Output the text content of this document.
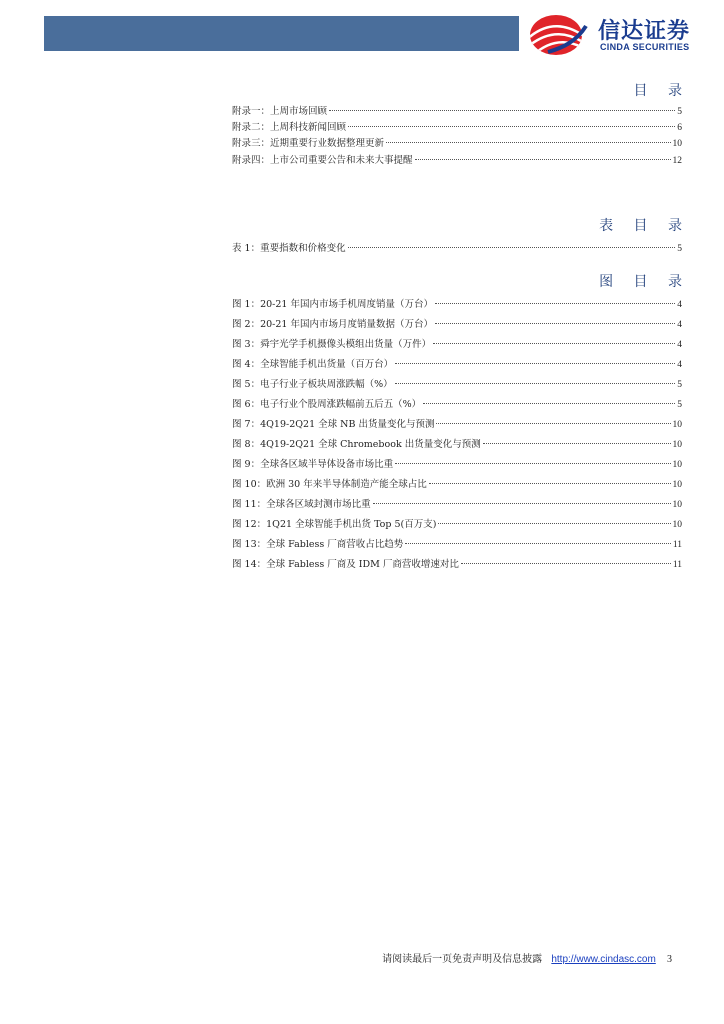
信达证券
CINDA SECURITIES
目 录
附录一：上周市场回顾	5
附录二：上周科技新闻回顾	6
附录三：近期重要行业数据整理更新	10
附录四：上市公司重要公告和未来大事提醒	12
表 目 录
表 1：重要指数和价格变化	5
图 目 录
图 1：20-21 年国内市场手机周度销量（万台）	4
图 2：20-21 年国内市场月度销量数据（万台）	4
图 3：舜宇光学手机摄像头模组出货量（万件）	4
图 4：全球智能手机出货量（百万台）	4
图 5：电子行业子板块周涨跌幅（%）	5
图 6：电子行业个股周涨跌幅前五后五（%）	5
图 7：4Q19-2Q21 全球 NB 出货量变化与预测	10
图 8：4Q19-2Q21 全球 Chromebook 出货量变化与预测	10
图 9：全球各区域半导体设备市场比重	10
图 10：欧洲 30 年来半导体制造产能全球占比	10
图 11：全球各区域封测市场比重	10
图 12：1Q21 全球智能手机出货 Top 5(百万支)	10
图 13：全球 Fabless 厂商营收占比趋势	11
图 14：全球 Fabless 厂商及 IDM 厂商营收增速对比	11
请阅读最后一页免责声明及信息披露 http://www.cindasc.com 3
